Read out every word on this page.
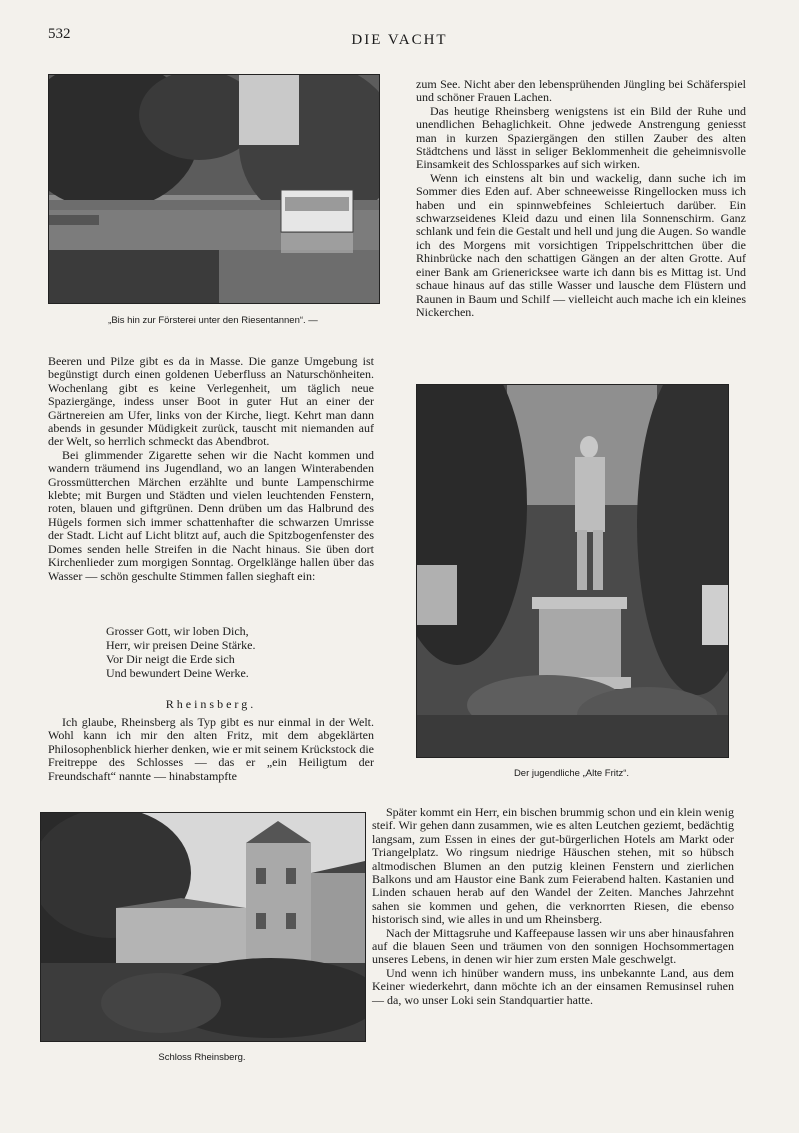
532	DIE VACHT
„Bis hin zur Försterei unter den Riesentannen“. —

Beeren und Pilze gibt es da in Masse. Die ganze Umgebung ist begünstigt durch einen goldenen Ueberfluss an Naturschönheiten. Wochenlang gibt es keine Verlegenheit, um täglich neue Spaziergänge, indess unser Boot in guter Hut an einer der Gärtnereien am Ufer, links von der Kirche, liegt. Kehrt man dann abends in gesunder Müdigkeit zurück, tauscht mit niemanden auf der Welt, so herrlich schmeckt das Abendbrot.

Bei glimmender Zigarette sehen wir die Nacht kommen und wandern träumend ins Jugendland, wo an langen Winterabenden Grossmütterchen Märchen erzählte und bunte Lampenschirme klebte; mit Burgen und Städten und vielen leuchtenden Fenstern, roten, blauen und giftgrünen. Denn drüben um das Halbrund des Hügels formen sich immer schattenhafter die schwarzen Umrisse der Stadt. Licht auf Licht blitzt auf, auch die Spitzbogenfenster des Domes senden helle Streifen in die Nacht hinaus. Sie üben dort Kirchenlieder zum morgigen Sonntag. Orgelklänge hallen über das Wasser — schön geschulte Stimmen fallen sieghaft ein:

Grosser Gott, wir loben Dich,
Herr, wir preisen Deine Stärke.
Vor Dir neigt die Erde sich
Und bewundert Deine Werke.
Rheinsberg.

Ich glaube, Rheinsberg als Typ gibt es nur einmal in der Welt. Wohl kann ich mir den alten Fritz, mit dem abgeklärten Philosophenblick hierher denken, wie er mit seinem Krückstock die Freitreppe des Schlosses — das er „ein Heiligtum der Freundschaft“ nannte — hinabstampfte

Schloss Rheinsberg.

zum See. Nicht aber den lebensprühenden Jüngling bei Schäferspiel und schöner Frauen Lachen.

Das heutige Rheinsberg wenigstens ist ein Bild der Ruhe und unendlichen Behaglichkeit. Ohne jedwede Anstrengung geniesst man in kurzen Spaziergängen den stillen Zauber des alten Städtchens und lässt in seliger Beklommenheit die geheimnisvolle Einsamkeit des Schlossparkes auf sich wirken.

Wenn ich einstens alt bin und wackelig, dann suche ich im Sommer dies Eden auf. Aber schneeweisse Ringellocken muss ich haben und ein spinnwebfeines Schleiertuch darüber. Ein schwarzseidenes Kleid dazu und einen lila Sonnenschirm. Ganz schlank und fein die Gestalt und hell und jung die Augen. So wandle ich des Morgens mit vorsichtigen Trippelschrittchen über die Rhinbrücke nach den schattigen Gängen an der alten Grotte. Auf einer Bank am Grienericksee warte ich dann bis es Mittag ist. Und schaue hinaus auf das stille Wasser und lausche dem Flüstern und Raunen in Baum und Schilf — vielleicht auch mache ich ein kleines Nickerchen.

Der jugendliche „Alte Fritz“.

Später kommt ein Herr, ein bischen brummig schon und ein klein wenig steif. Wir gehen dann zusammen, wie es alten Leutchen geziemt, bedächtig langsam, zum Essen in eines der gut-bürgerlichen Hotels am Markt oder Triangelplatz. Wo ringsum niedrige Häuschen stehen, mit so hübsch altmodischen Blumen an den putzig kleinen Fenstern und zierlichen Balkons und am Haustor eine Bank zum Feierabend halten. Kastanien und Linden schauen herab auf den Wandel der Zeiten. Manches Jahrzehnt sahen sie kommen und gehen, die verknorrten Riesen, die ebenso historisch sind, wie alles in und um Rheinsberg.

Nach der Mittagsruhe und Kaffeepause lassen wir uns aber hinausfahren auf die blauen Seen und träumen von den sonnigen Hochsommertagen unseres Lebens, in denen wir hier zum ersten Male geschwelgt.

Und wenn ich hinüber wandern muss, ins unbekannte Land, aus dem Keiner wiederkehrt, dann möchte ich an der einsamen Remusinsel ruhen — da, wo unser Loki sein Standquartier hatte.
